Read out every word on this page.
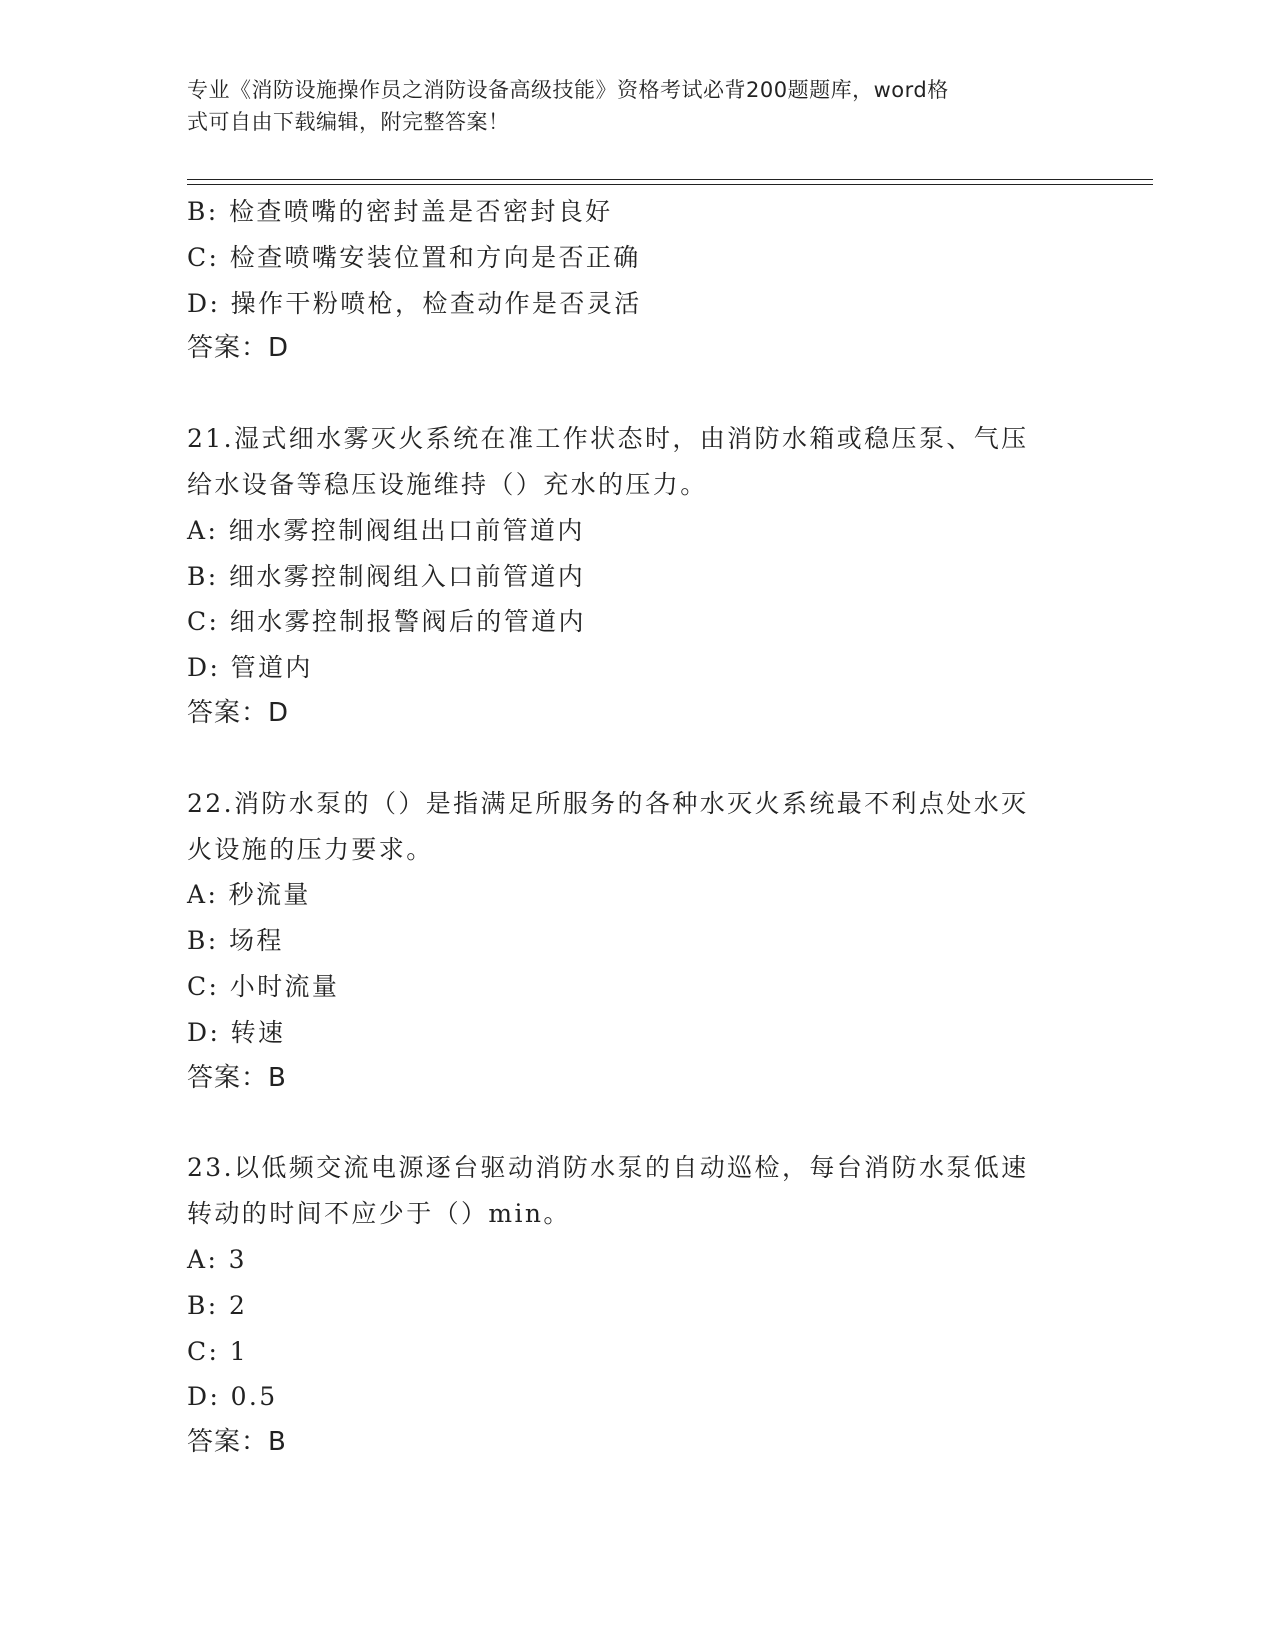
专业《消防设施操作员之消防设备高级技能》资格考试必背200题题库，word格
式可自由下载编辑，附完整答案！
B: 检查喷嘴的密封盖是否密封良好
C: 检查喷嘴安装位置和方向是否正确
D: 操作干粉喷枪，检查动作是否灵活
答案：D
21.湿式细水雾灭火系统在准工作状态时，由消防水箱或稳压泵、气压
给水设备等稳压设施维持（）充水的压力。
A: 细水雾控制阀组出口前管道内
B: 细水雾控制阀组入口前管道内
C: 细水雾控制报警阀后的管道内
D: 管道内
答案：D
22.消防水泵的（）是指满足所服务的各种水灭火系统最不利点处水灭
火设施的压力要求。
A: 秒流量
B: 场程
C: 小时流量
D: 转速
答案：B
23.以低频交流电源逐台驱动消防水泵的自动巡检，每台消防水泵低速
转动的时间不应少于（）min。
A: 3
B: 2
C: 1
D: 0.5
答案：B
